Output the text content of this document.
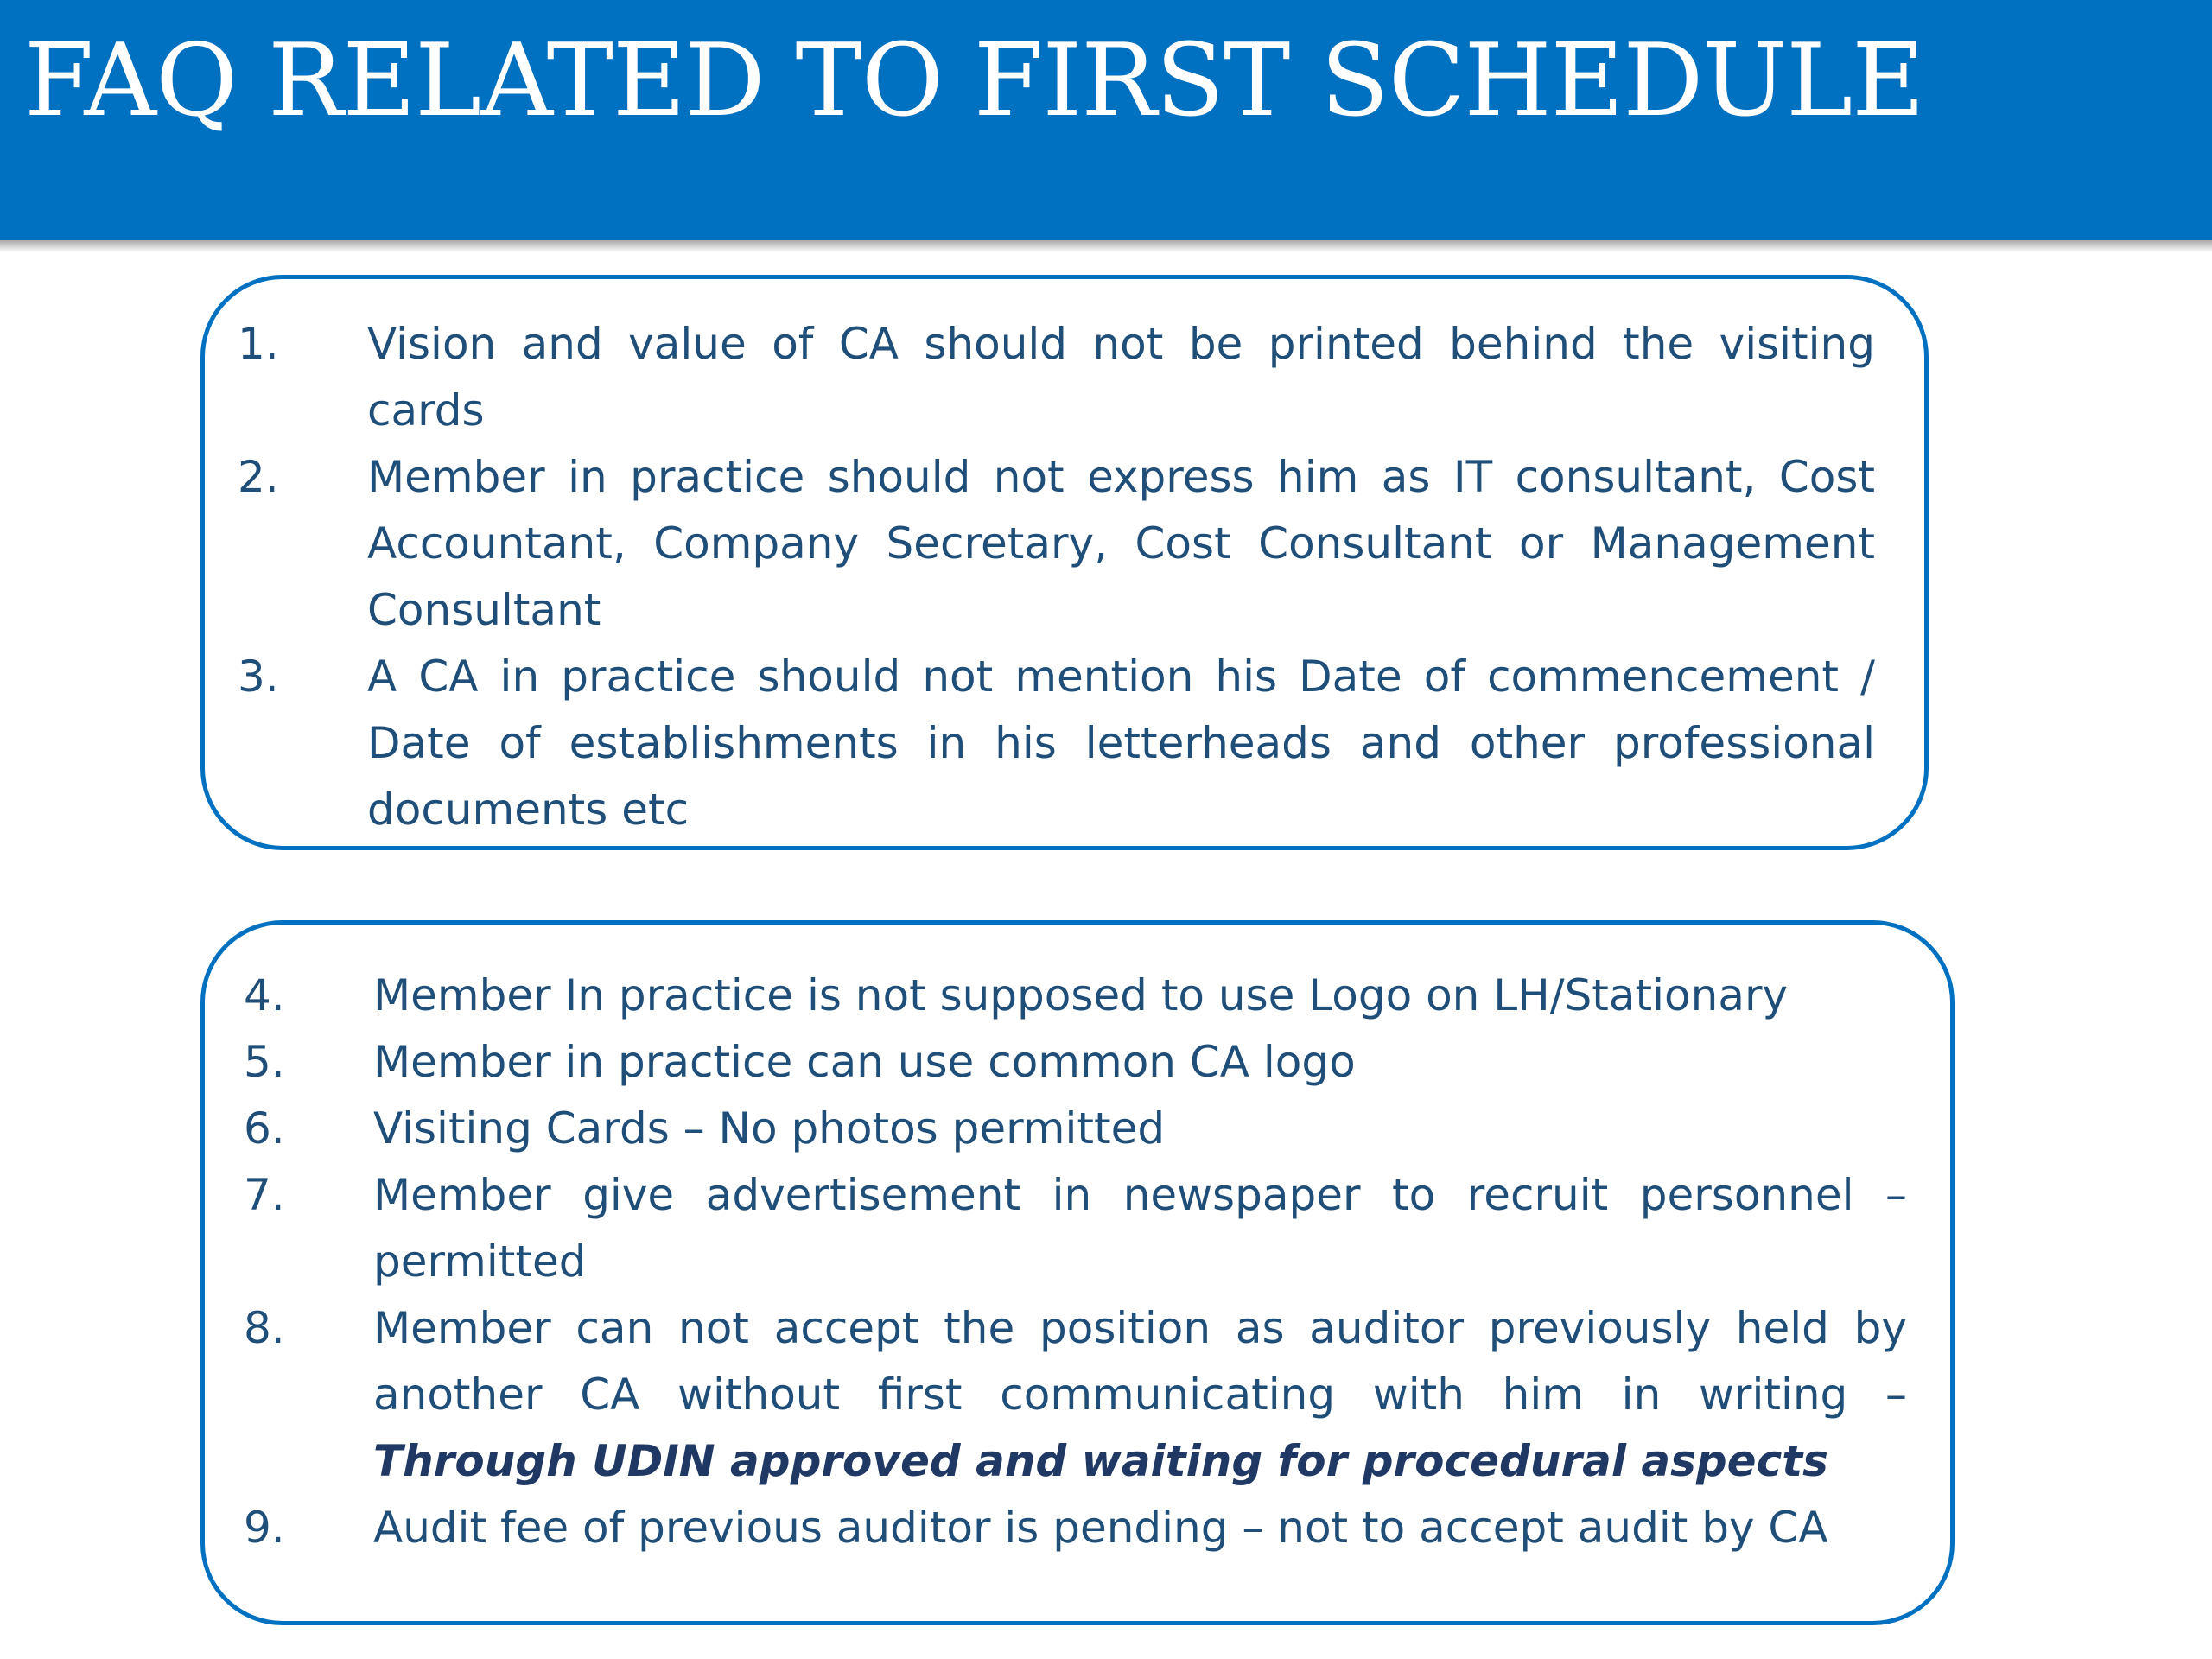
FAQ RELATED TO FIRST SCHEDULE
1.	Vision and value of CA should not be printed behind the visiting cards
2.	Member in practice should not express him as IT consultant, Cost Accountant, Company Secretary, Cost Consultant or Management Consultant
3.	A CA in practice should not mention his Date of commencement / Date of establishments in his letterheads and other professional documents etc
4.	Member In practice is not supposed to use Logo on LH/Stationary
5.	Member in practice can use common CA logo
6.	Visiting Cards – No photos permitted
7.	Member give advertisement in newspaper to recruit personnel – permitted
8.	Member can not accept the position as auditor previously held by another CA without first communicating with him in writing – Through UDIN approved and waiting for procedural aspects
9.	Audit fee of previous auditor is pending – not to accept audit by CA
